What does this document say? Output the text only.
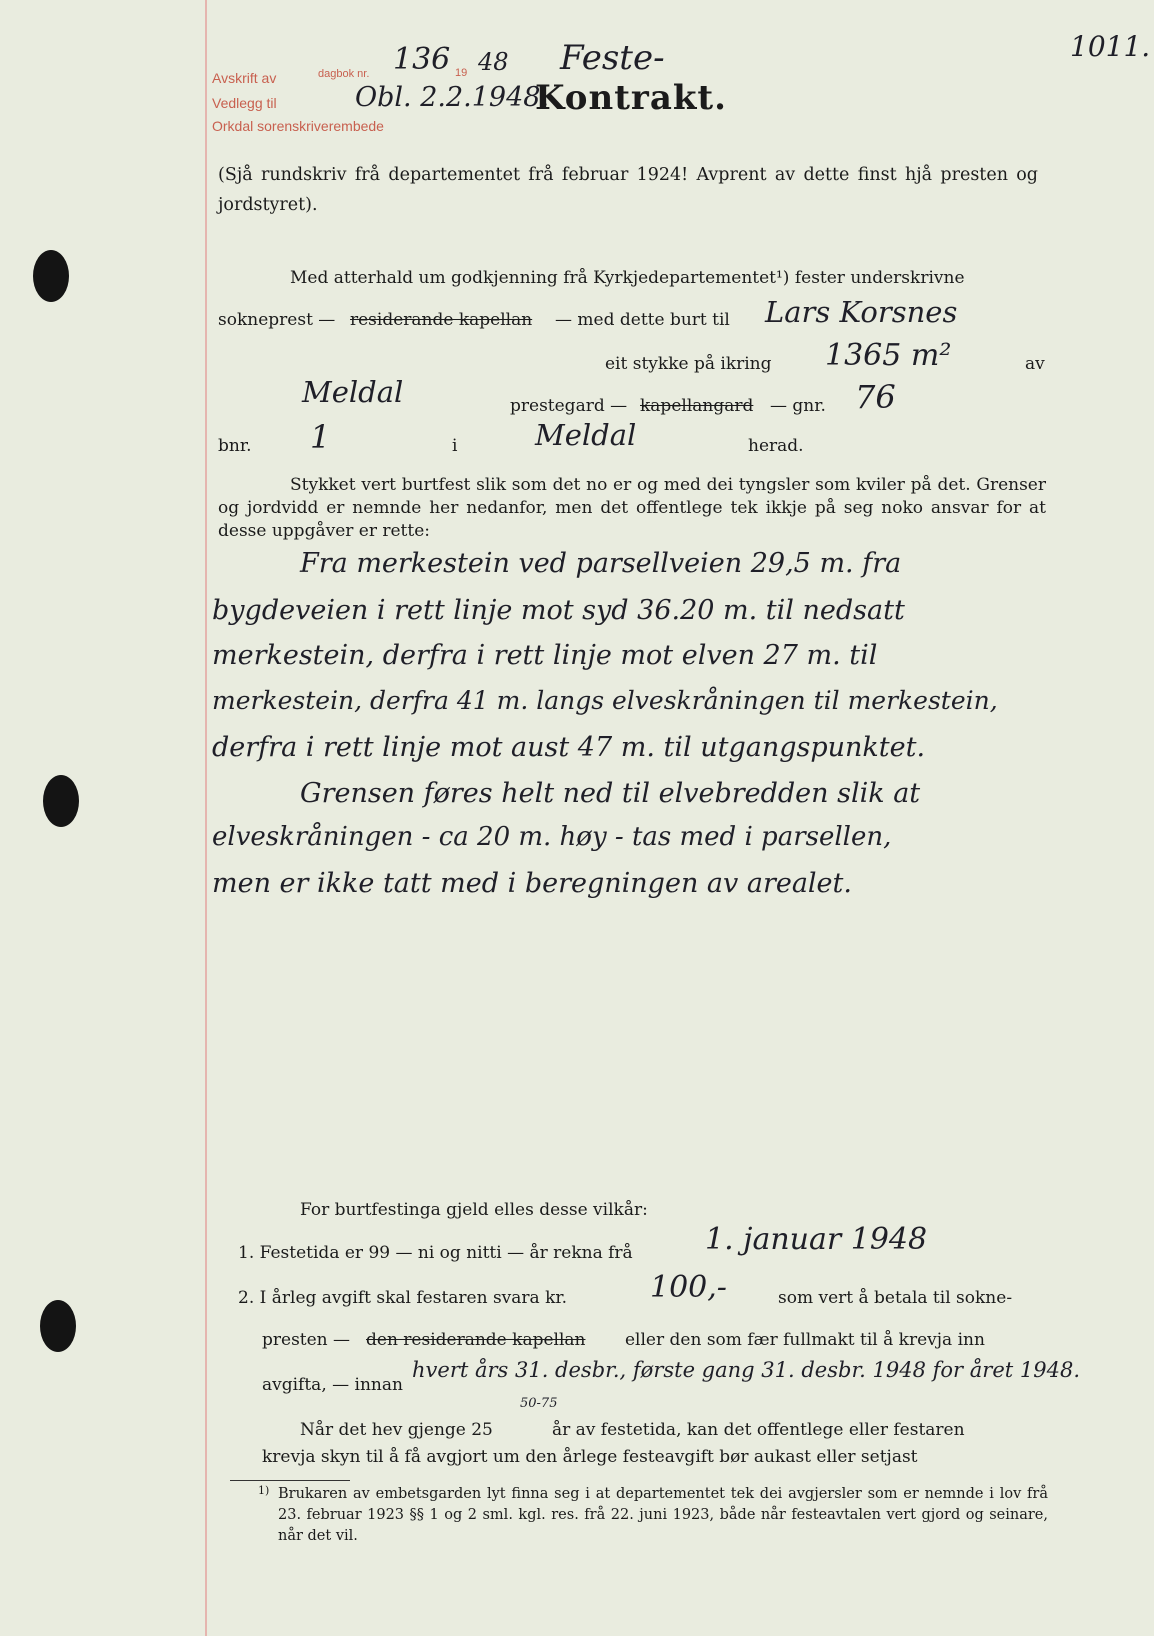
Avskrift av	dagbok nr.	19
Vedlegg til
Orkdal sorenskriverembede
136 48
Obl. 2.2.1948.
Feste-	1011.
Kontrakt.
(Sjå rundskriv frå departementet frå februar 1924! Avprent av dette finst hjå presten og jordstyret).
Med atterhald um godkjenning frå Kyrkjedepartementet¹) fester underskrivne
sokneprest — residerande kapellan — med dette burt til Lars Korsnes
eit stykke på ikring 1365 m²	av
Meldal	prestegard — kapellangard — gnr. 76
bnr. 1	i	Meldal	herad.
Stykket vert burtfest slik som det no er og med dei tyngsler som kviler på det. Grenser og jordvidd er nemnde her nedanfor, men det offentlege tek ikkje på seg noko ansvar for at desse uppgåver er rette:
Fra merkestein ved parsellveien 29,5 m. fra
bygdeveien i rett linje mot syd 36.20 m. til nedsatt
merkestein, derfra i rett linje mot elven 27 m. til
merkestein, derfra 41 m. langs elveskråningen til merkestein,
derfra i rett linje mot aust 47 m. til utgangspunktet.
Grensen føres helt ned til elvebredden slik at
elveskråningen - ca 20 m. høy - tas med i parsellen,
men er ikke tatt med i beregningen av arealet.
For burtfestinga gjeld elles desse vilkår:
1. Festetida er 99 — ni og nitti — år rekna frå 1. januar 1948
2. I årleg avgift skal festaren svara kr.	100,-	som vert å betala til sokne-
presten — den residerande kapellan eller den som fær fullmakt til å krevja inn
avgifta, — innan
hvert års 31. desbr., første gang 31. desbr. 1948 for året 1948.
50-75
Når det hev gjenge 25	år av festetida, kan det offentlege eller festaren
krevja skyn til å få avgjort um den årlege festeavgift bør aukast eller setjast
1) Brukaren av embetsgarden lyt finna seg i at departementet tek dei avgjersler som er nemnde i lov frå 23. februar 1923 §§ 1 og 2 sml. kgl. res. frå 22. juni 1923, både når festeavtalen vert gjord og seinare, når det vil.
